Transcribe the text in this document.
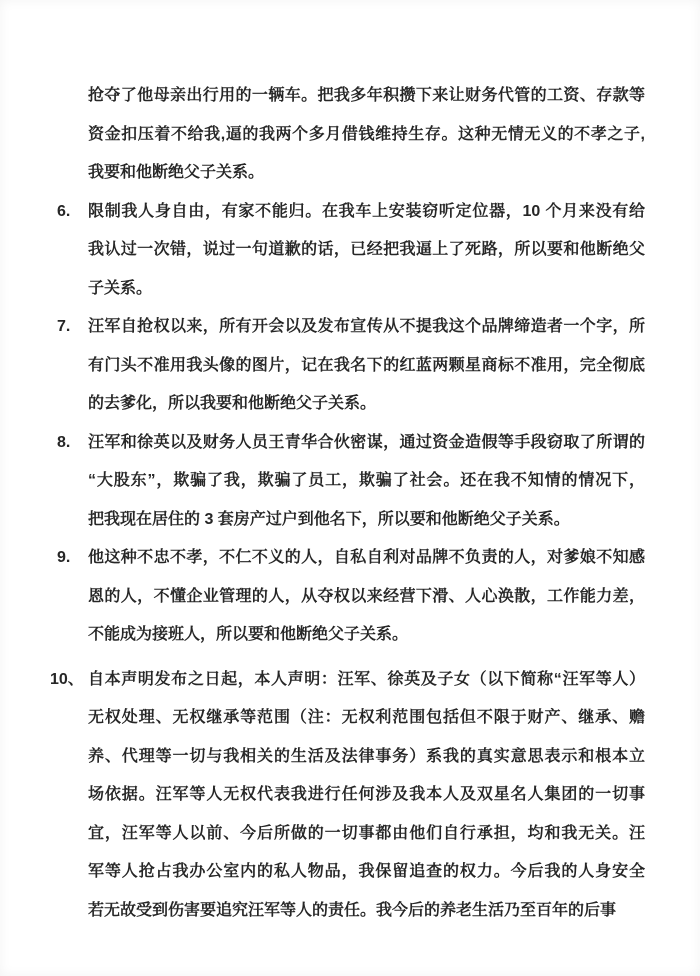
抢夺了他母亲出行用的一辆车。把我多年积攒下来让财务代管的工资、存款等
资金扣压着不给我,逼的我两个多月借钱维持生存。这种无情无义的不孝之子,
我要和他断绝父子关系。
6.	限制我人身自由，有家不能归。在我车上安装窃听定位器，10 个月来没有给
我认过一次错，说过一句道歉的话，已经把我逼上了死路，所以要和他断绝父
子关系。
7.	汪军自抢权以来，所有开会以及发布宣传从不提我这个品牌缔造者一个字，所
有门头不准用我头像的图片，记在我名下的红蓝两颗星商标不准用，完全彻底
的去爹化，所以我要和他断绝父子关系。
8.	汪军和徐英以及财务人员王青华合伙密谋，通过资金造假等手段窃取了所谓的
“大股东”，欺骗了我，欺骗了员工，欺骗了社会。还在我不知情的情况下，
把我现在居住的 3 套房产过户到他名下，所以要和他断绝父子关系。
9.	他这种不忠不孝，不仁不义的人，自私自利对品牌不负责的人，对爹娘不知感
恩的人，不懂企业管理的人，从夺权以来经营下滑、人心涣散，工作能力差，
不能成为接班人，所以要和他断绝父子关系。
10、 自本声明发布之日起，本人声明：汪军、徐英及子女（以下简称“汪军等人）
无权处理、无权继承等范围（注：无权利范围包括但不限于财产、继承、赡
养、代理等一切与我相关的生活及法律事务）系我的真实意思表示和根本立
场依据。汪军等人无权代表我进行任何涉及我本人及双星名人集团的一切事
宜，汪军等人以前、今后所做的一切事都由他们自行承担，均和我无关。汪
军等人抢占我办公室内的私人物品，我保留追查的权力。今后我的人身安全
若无故受到伤害要追究汪军等人的责任。我今后的养老生活乃至百年的后事
